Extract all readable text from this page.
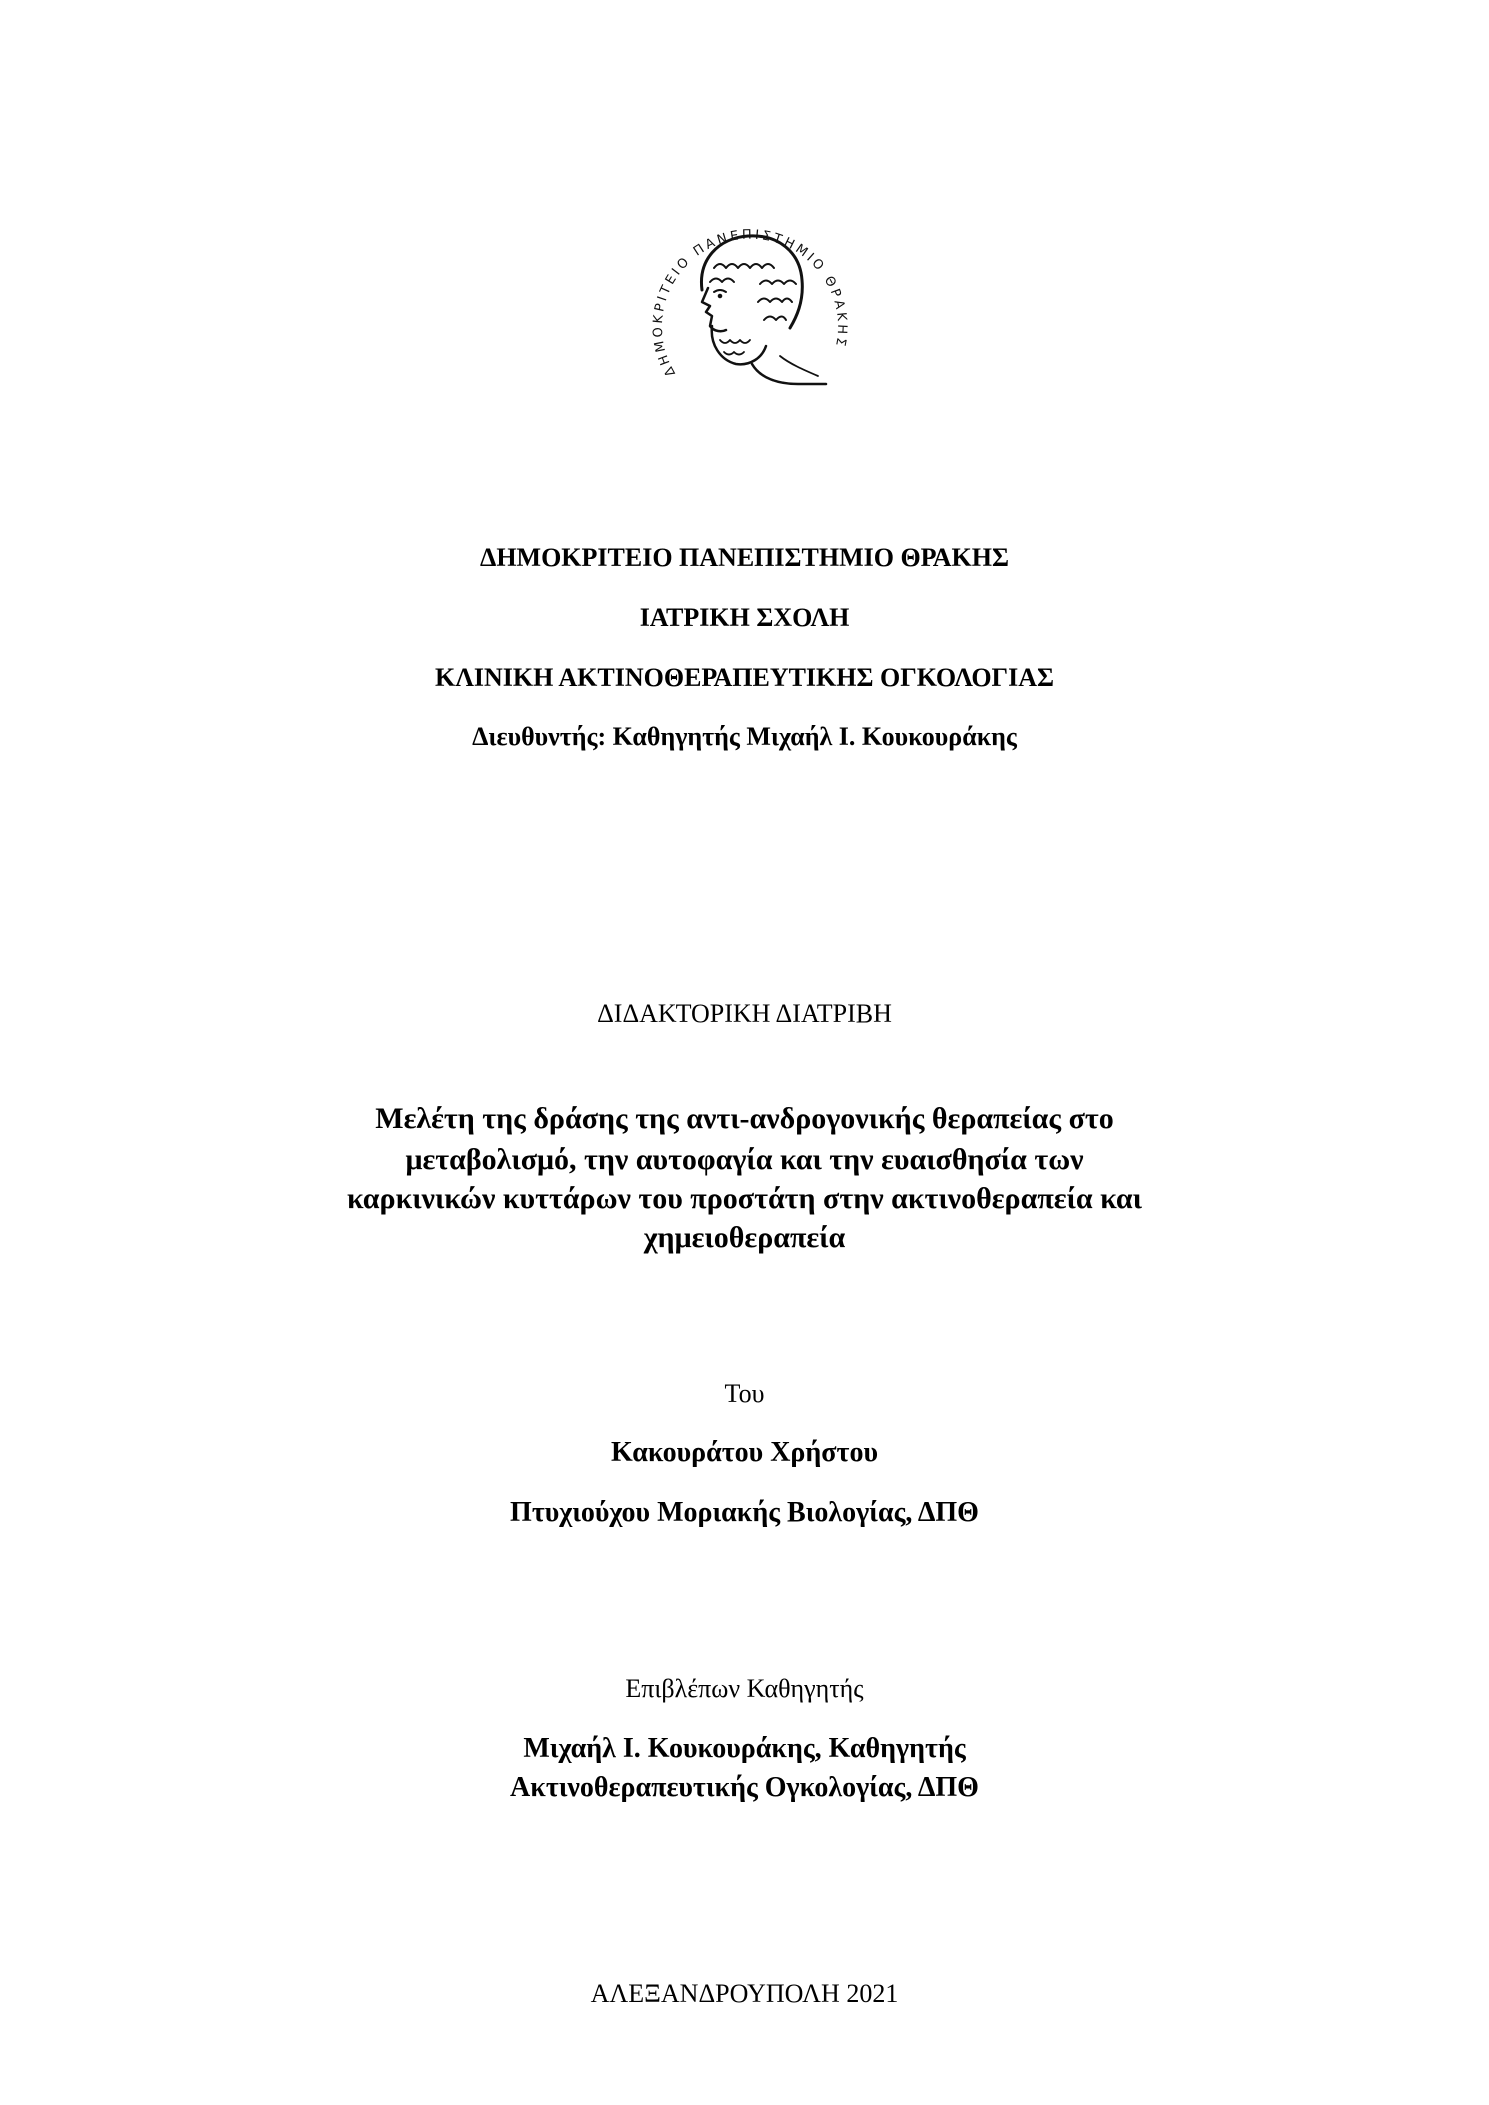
ΔΗΜΟΚΡΙΤΕΙΟ ΠΑΝΕΠΙΣΤΗΜΙΟ ΘΡΑΚΗΣ
ΔΗΜΟΚΡΙΤΕΙΟ ΠΑΝΕΠΙΣΤΗΜΙΟ ΘΡΑΚΗΣ
ΙΑΤΡΙΚΗ ΣΧΟΛΗ
ΚΛΙΝΙΚΗ ΑΚΤΙΝΟΘΕΡΑΠΕΥΤΙΚΗΣ ΟΓΚΟΛΟΓΙΑΣ
Διευθυντής: Καθηγητής Μιχαήλ Ι. Κουκουράκης
ΔΙΔΑΚΤΟΡΙΚΗ ΔΙΑΤΡΙΒΗ
Μελέτη της δράσης της αντι-ανδρογονικής θεραπείας στο
μεταβολισμό, την αυτοφαγία και την ευαισθησία των
καρκινικών κυττάρων του προστάτη στην ακτινοθεραπεία και
χημειοθεραπεία
Του
Κακουράτου Χρήστου
Πτυχιούχου Μοριακής Βιολογίας, ΔΠΘ
Επιβλέπων Καθηγητής
Μιχαήλ Ι. Κουκουράκης, Καθηγητής
Ακτινοθεραπευτικής Ογκολογίας, ΔΠΘ
ΑΛΕΞΑΝΔΡΟΥΠΟΛΗ 2021
